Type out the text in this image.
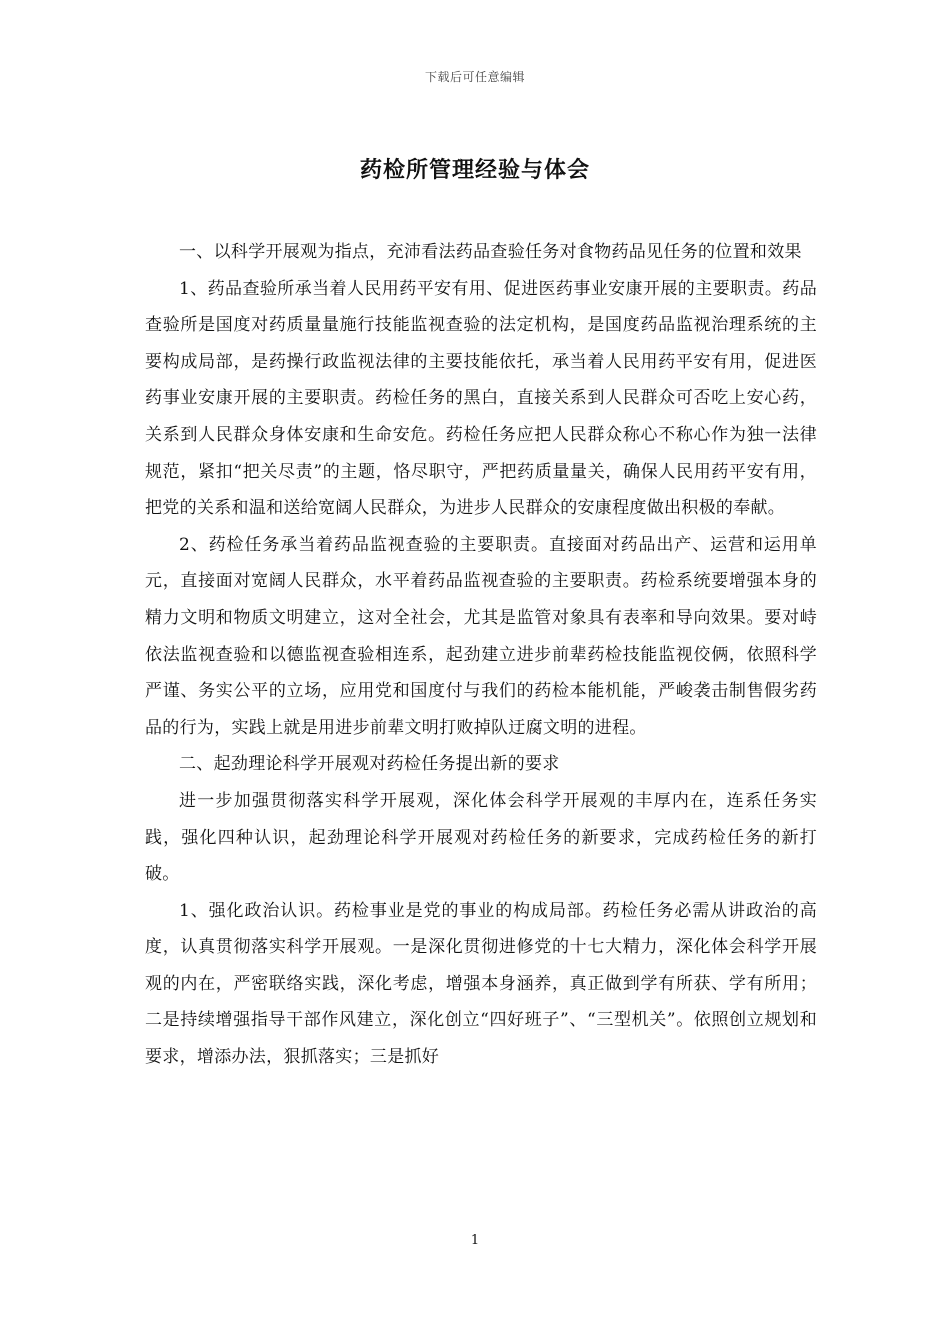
下载后可任意编辑
药检所管理经验与体会

一、以科学开展观为指点，充沛看法药品查验任务对食物药品见任务的位置和效果

1、药品查验所承当着人民用药平安有用、促进医药事业安康开展的主要职责。药品查验所是国度对药质量量施行技能监视查验的法定机构，是国度药品监视治理系统的主要构成局部，是药操行政监视法律的主要技能依托，承当着人民用药平安有用，促进医药事业安康开展的主要职责。药检任务的黑白，直接关系到人民群众可否吃上安心药，关系到人民群众身体安康和生命安危。药检任务应把人民群众称心不称心作为独一法律规范，紧扣“把关尽责”的主题，恪尽职守，严把药质量量关，确保人民用药平安有用，把党的关系和温和送给宽阔人民群众，为进步人民群众的安康程度做出积极的奉献。

2、药检任务承当着药品监视查验的主要职责。直接面对药品出产、运营和运用单元，直接面对宽阔人民群众，水平着药品监视查验的主要职责。药检系统要增强本身的精力文明和物质文明建立，这对全社会，尤其是监管对象具有表率和导向效果。要对峙依法监视查验和以德监视查验相连系，起劲建立进步前辈药检技能监视佼俩，依照科学严谨、务实公平的立场，应用党和国度付与我们的药检本能机能，严峻袭击制售假劣药品的行为，实践上就是用进步前辈文明打败掉队迂腐文明的进程。

二、起劲理论科学开展观对药检任务提出新的要求

进一步加强贯彻落实科学开展观，深化体会科学开展观的丰厚内在，连系任务实践，强化四种认识，起劲理论科学开展观对药检任务的新要求，完成药检任务的新打破。

1、强化政治认识。药检事业是党的事业的构成局部。药检任务必需从讲政治的高度，认真贯彻落实科学开展观。一是深化贯彻进修党的十七大精力，深化体会科学开展观的内在，严密联络实践，深化考虑，增强本身涵养，真正做到学有所获、学有所用；二是持续增强指导干部作风建立，深化创立“四好班子”、“三型机关”。依照创立规划和要求，增添办法，狠抓落实；三是抓好

1
